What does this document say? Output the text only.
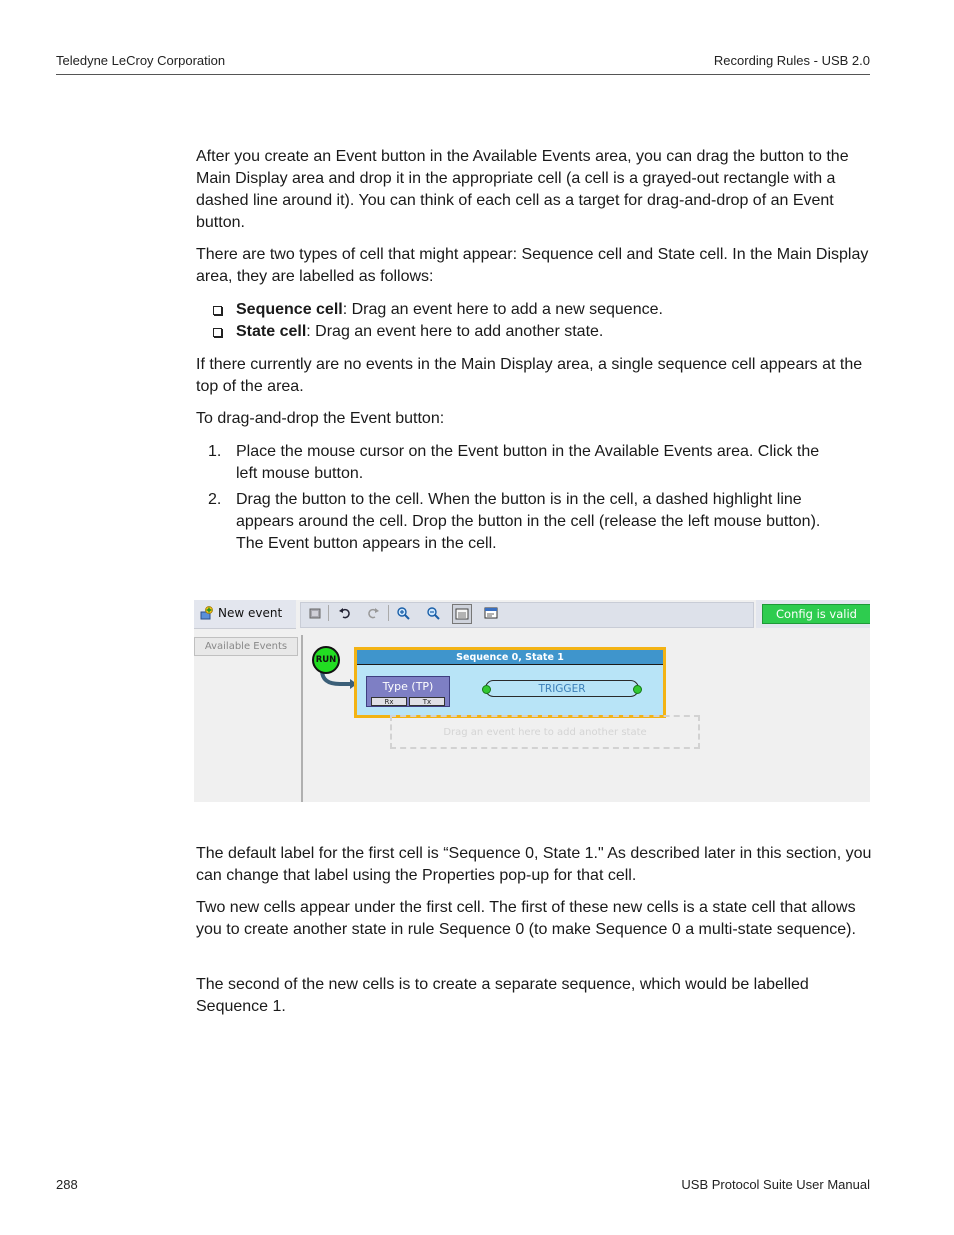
Teledyne LeCroy Corporation	Recording Rules - USB 2.0

After you create an Event button in the Available Events area, you can drag the button to the Main Display area and drop it in the appropriate cell (a cell is a grayed-out rectangle with a dashed line around it). You can think of each cell as a target for drag-and-drop of an Event button.

There are two types of cell that might appear: Sequence cell and State cell. In the Main Display area, they are labelled as follows:

Sequence cell: Drag an event here to add a new sequence.
State cell: Drag an event here to add another state.

If there currently are no events in the Main Display area, a single sequence cell appears at the top of the area.

To drag-and-drop the Event button:

1. Place the mouse cursor on the Event button in the Available Events area. Click the
left mouse button.
2. Drag the button to the cell. When the button is in the cell, a dashed highlight line
appears around the cell. Drop the button in the cell (release the left mouse button).
The Event button appears in the cell.
New event	Config is valid
Available Events
RUN	Sequence 0, State 1
Type (TP)
Rx	Tx
TRIGGER
Drag an event here to add another state

The default label for the first cell is “Sequence 0, State 1." As described later in this section, you can change that label using the Properties pop-up for that cell.

Two new cells appear under the first cell. The first of these new cells is a state cell that allows you to create another state in rule Sequence 0 (to make Sequence 0 a multi-state sequence).

The second of the new cells is to create a separate sequence, which would be labelled Sequence 1.

288	USB Protocol Suite User Manual
